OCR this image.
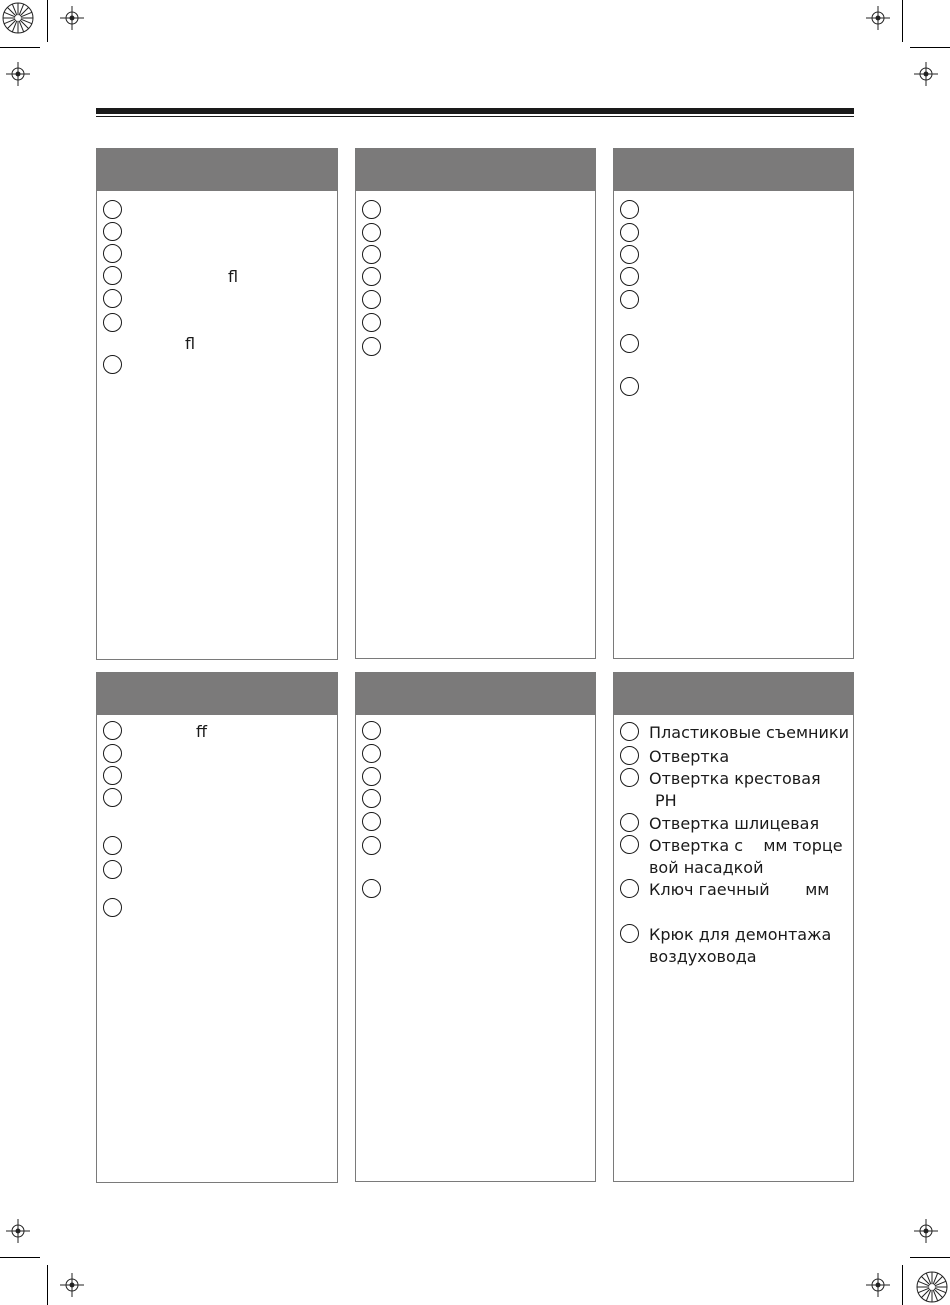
fl
fl
ff	Пластиковые съемники
Отвертка
Отвертка крестовая
PH
Отвертка шлицевая
Отвертка с    мм торце
вой насадкой
Ключ гаечный       мм
Крюк для демонтажа
воздуховода
